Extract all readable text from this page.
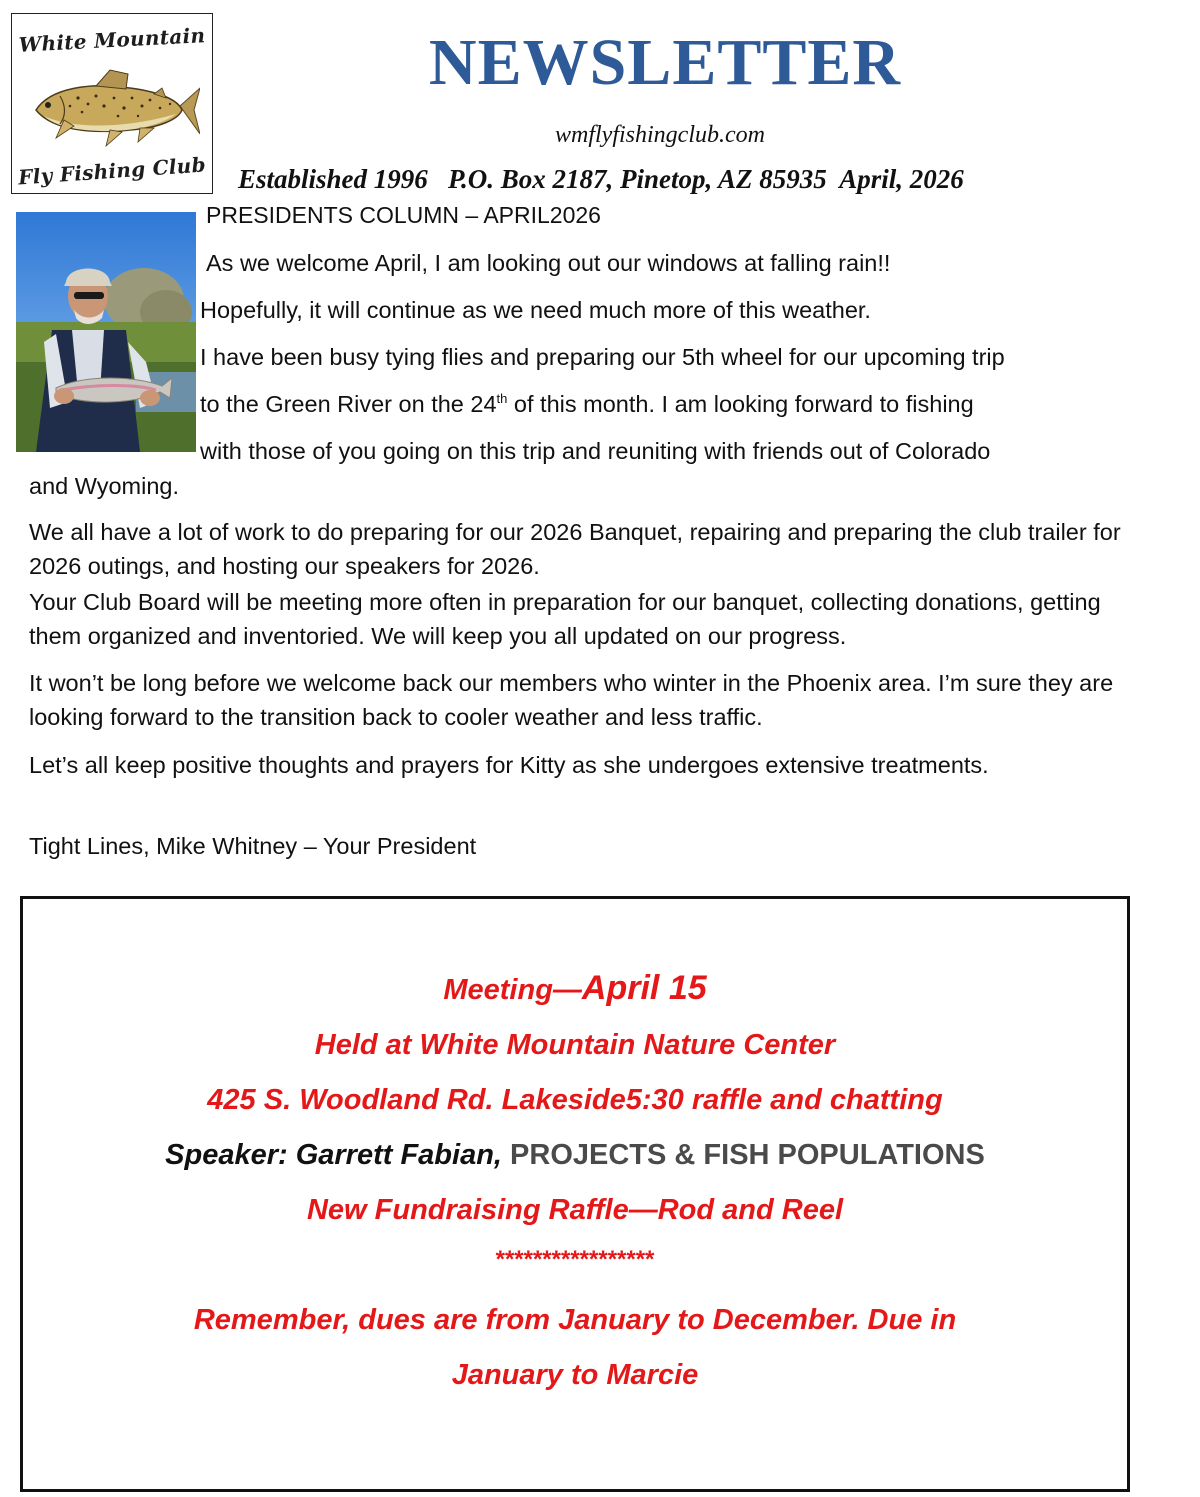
White Mountain
Fly Fishing Club
NEWSLETTER
wmflyfishingclub.com
Established 1996   P.O. Box 2187, Pinetop, AZ 85935  April, 2026
PRESIDENTS COLUMN – APRIL2026
As we welcome April, I am looking out our windows at falling rain!!
Hopefully, it will continue as we need much more of this weather.
I have been busy tying flies and preparing our 5th wheel for our upcoming trip
to the Green River on the 24th of this month. I am looking forward to fishing
with those of you going on this trip and reuniting with friends out of Colorado
and Wyoming.

We all have a lot of work to do preparing for our 2026 Banquet, repairing and preparing the club trailer for 2026 outings, and hosting our speakers for 2026.

Your Club Board will be meeting more often in preparation for our banquet, collecting donations, getting them organized and inventoried. We will keep you all updated on our progress.

It won’t be long before we welcome back our members who winter in the Phoenix area. I’m sure they are looking forward to the transition back to cooler weather and less traffic.

Let’s all keep positive thoughts and prayers for Kitty as she undergoes extensive treatments.

Tight Lines, Mike Whitney – Your President

Meeting—April 15
Held at White Mountain Nature Center
425 S. Woodland Rd. Lakeside5:30 raffle and chatting
Speaker: Garrett Fabian, PROJECTS & FISH POPULATIONS
New Fundraising Raffle—Rod and Reel
*****************
Remember, dues are from January to December. Due in
January to Marcie
